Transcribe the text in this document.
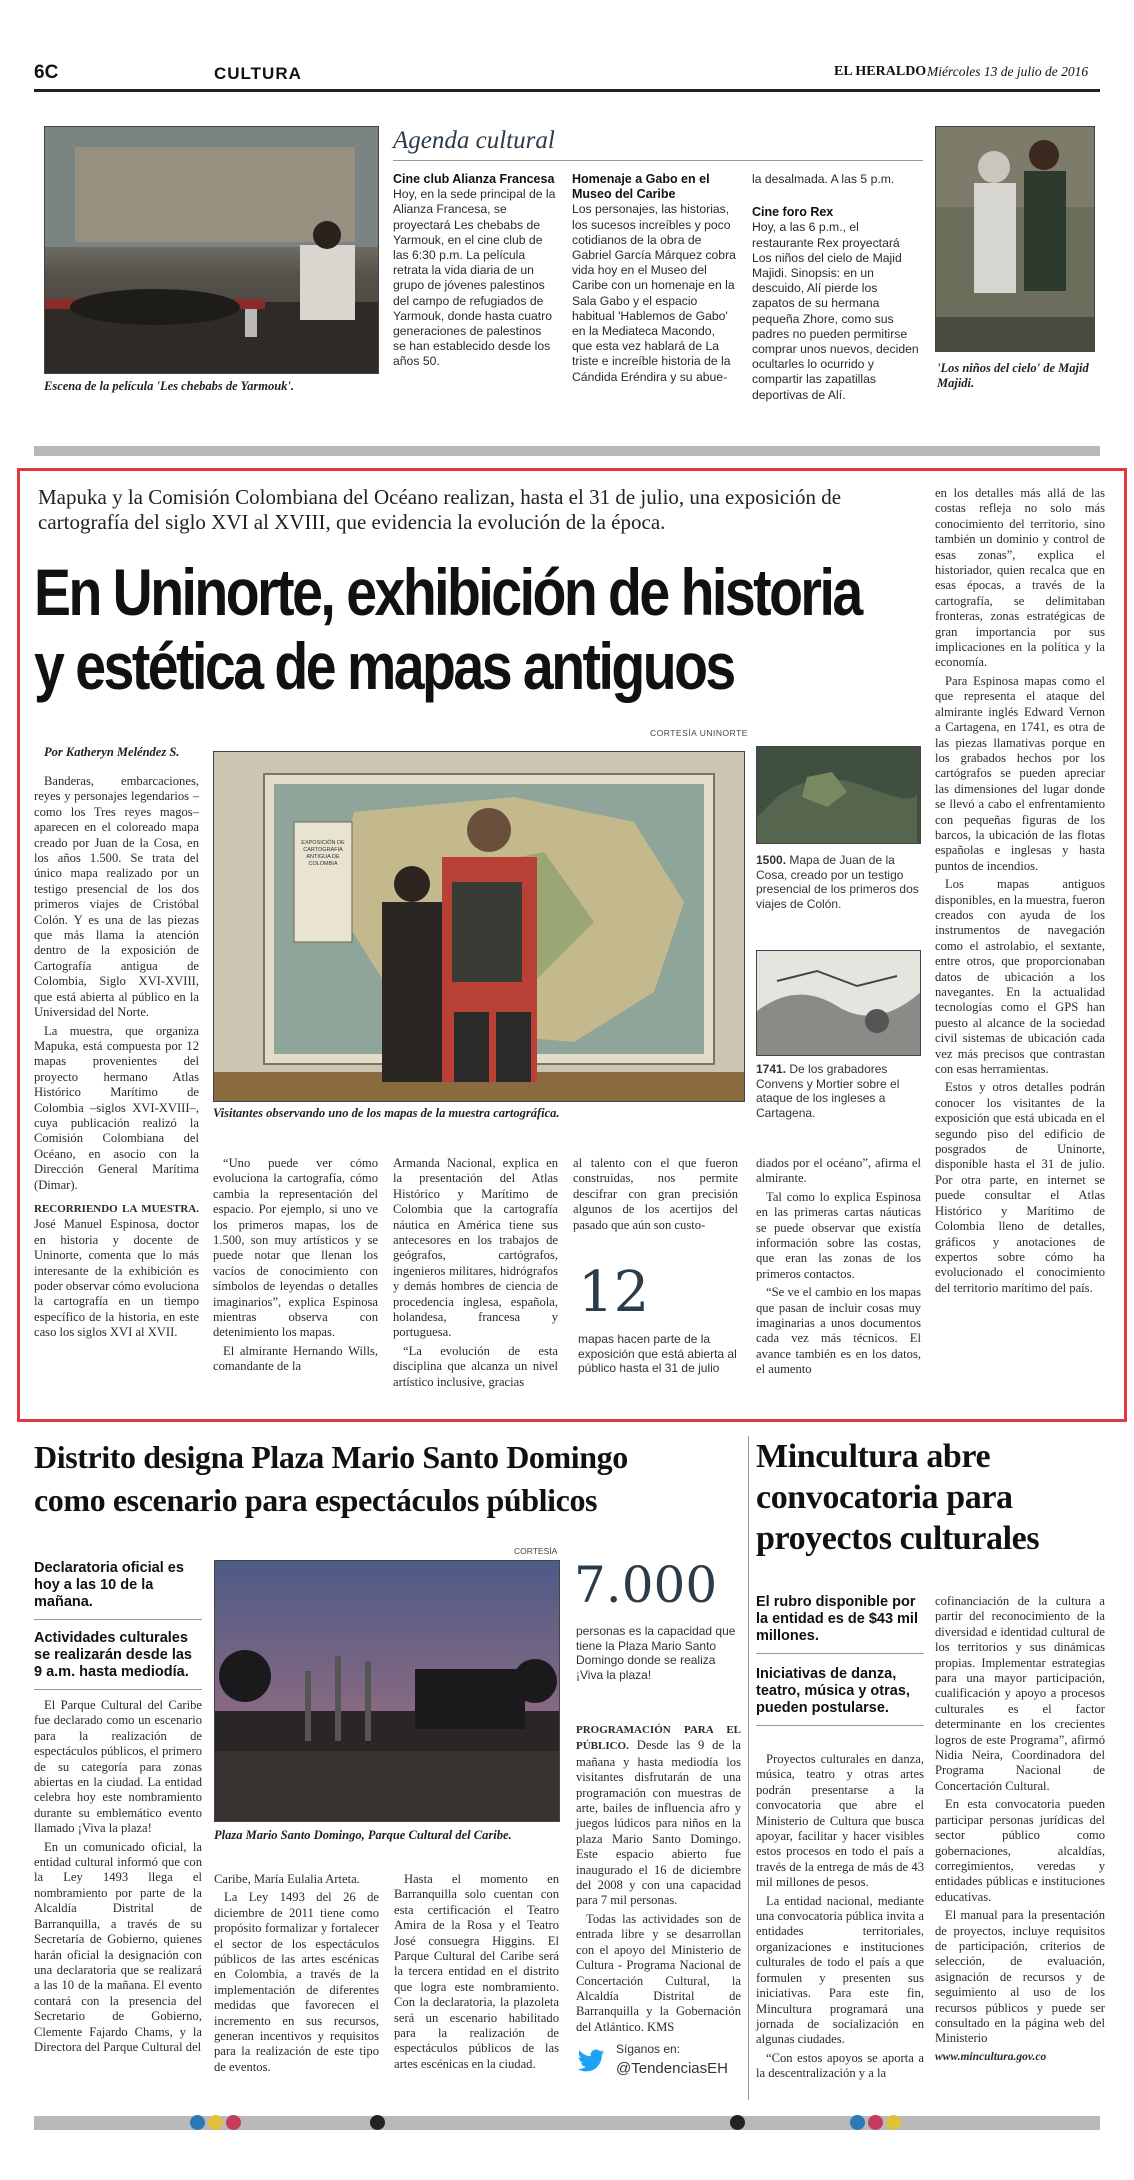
6C	CULTURA	EL HERALDO Miércoles 13 de julio de 2016
Escena de la película 'Les chebabs de Yarmouk'.
Agenda cultural
Cine club Alianza Francesa
Hoy, en la sede principal de la Alianza Francesa, se proyectará Les chebabs de Yarmouk, en el cine club de las 6:30 p.m. La película retrata la vida diaria de un grupo de jóvenes palestinos del campo de refugiados de Yarmouk, donde hasta cuatro generaciones de palestinos se han establecido desde los años 50.
Homenaje a Gabo en el Museo del Caribe
Los personajes, las historias, los sucesos increíbles y poco cotidianos de la obra de Gabriel García Márquez cobra vida hoy en el Museo del Caribe con un homenaje en la Sala Gabo y el espacio habitual 'Hablemos de Gabo' en la Mediateca Macondo, que esta vez hablará de La triste e increíble historia de la Cándida Eréndira y su abue-
la desalmada. A las 5 p.m.
Cine foro Rex
Hoy, a las 6 p.m., el restaurante Rex proyectará Los niños del cielo de Majid Majidi. Sinopsis: en un descuido, Alí pierde los zapatos de su hermana pequeña Zhore, como sus padres no pueden permitirse comprar unos nuevos, deciden ocultarles lo ocurrido y compartir las zapatillas deportivas de Alí.
'Los niños del cielo' de Majid Majidi.
Mapuka y la Comisión Colombiana del Océano realizan, hasta el 31 de julio, una exposición de cartografía del siglo XVI al XVIII, que evidencia la evolución de la época.
En Uninorte, exhibición de historia
y estética de mapas antiguos
CORTESÍA UNINORTE
Por Katheryn Meléndez S.

Banderas, embarcaciones, reyes y personajes legendarios –como los Tres reyes magos– aparecen en el coloreado mapa creado por Juan de la Cosa, en los años 1.500. Se trata del único mapa realizado por un testigo presencial de los dos primeros viajes de Cristóbal Colón. Y es una de las piezas que más llama la atención dentro de la exposición de Cartografía antigua de Colombia, Siglo XVI-XVIII, que está abierta al público en la Universidad del Norte.

La muestra, que organiza Mapuka, está compuesta por 12 mapas provenientes del proyecto hermano Atlas Histórico Marítimo de Colombia –siglos XVI-XVIII–, cuya publicación realizó la Comisión Colombiana del Océano, en asocio con la Dirección General Marítima (Dimar).

RECORRIENDO LA MUESTRA. José Manuel Espinosa, doctor en historia y docente de Uninorte, comenta que lo más interesante de la exhibición es poder observar cómo evoluciona la cartografía en un tiempo específico de la historia, en este caso los siglos XVI al XVII.

EXPOSICIÓN DE CARTOGRAFÍA ANTIGUA DE COLOMBIA
Visitantes observando uno de los mapas de la muestra cartográfica.

“Uno puede ver cómo evoluciona la cartografía, cómo cambia la representación del espacio. Por ejemplo, si uno ve los primeros mapas, los de 1.500, son muy artísticos y se puede notar que llenan los vacíos de conocimiento con símbolos de leyendas o detalles imaginarios”, explica Espinosa mientras observa con detenimiento los mapas.

El almirante Hernando Wills, comandante de la

Armanda Nacional, explica en la presentación del Atlas Histórico y Marítimo de Colombia que la cartografía náutica en América tiene sus antecesores en los trabajos de geógrafos, cartógrafos, ingenieros militares, hidrógrafos y demás hombres de ciencia de procedencia inglesa, española, holandesa, francesa y portuguesa.

“La evolución de esta disciplina que alcanza un nivel artístico inclusive, gracias

al talento con el que fueron construidas, nos permite descifrar con gran precisión algunos de los acertijos del pasado que aún son custo-

12
mapas hacen parte de la exposición que está abierta al público hasta el 31 de julio

diados por el océano”, afirma el almirante.

Tal como lo explica Espinosa en las primeras cartas náuticas se puede observar que existía información sobre las costas, que eran las zonas de los primeros contactos.

“Se ve el cambio en los mapas que pasan de incluir cosas muy imaginarias a unos documentos cada vez más técnicos. El avance también es en los datos, el aumento

1500. Mapa de Juan de la Cosa, creado por un testigo presencial de los primeros dos viajes de Colón.
1741. De los grabadores Convens y Mortier sobre el ataque de los ingleses a Cartagena.

en los detalles más allá de las costas refleja no solo más conocimiento del territorio, sino también un dominio y control de esas zonas”, explica el historiador, quien recalca que en esas épocas, a través de la cartografía, se delimitaban fronteras, zonas estratégicas de gran importancia por sus implicaciones en la política y la economía.

Para Espinosa mapas como el que representa el ataque del almirante inglés Edward Vernon a Cartagena, en 1741, es otra de las piezas llamativas porque en los grabados hechos por los cartógrafos se pueden apreciar las dimensiones del lugar donde se llevó a cabo el enfrentamiento con pequeñas figuras de los barcos, la ubicación de las flotas españolas e inglesas y hasta puntos de incendios.

Los mapas antiguos disponibles, en la muestra, fueron creados con ayuda de los instrumentos de navegación como el astrolabio, el sextante, entre otros, que proporcionaban datos de ubicación a los navegantes. En la actualidad tecnologías como el GPS han puesto al alcance de la sociedad civil sistemas de ubicación cada vez más precisos que contrastan con esas herramientas.

Estos y otros detalles podrán conocer los visitantes de la exposición que está ubicada en el segundo piso del edificio de posgrados de Uninorte, disponible hasta el 31 de julio. Por otra parte, en internet se puede consultar el Atlas Histórico y Marítimo de Colombia lleno de detalles, gráficos y anotaciones de expertos sobre cómo ha evolucionado el conocimiento del territorio marítimo del país.

Distrito designa Plaza Mario Santo Domingo
como escenario para espectáculos públicos
Declaratoria oficial es hoy a las 10 de la mañana.
Actividades culturales se realizarán desde las 9 a.m. hasta mediodía.
CORTESÍA
Plaza Mario Santo Domingo, Parque Cultural del Caribe.
7.000
personas es la capacidad que tiene la Plaza Mario Santo Domingo donde se realiza ¡Viva la plaza!

El Parque Cultural del Caribe fue declarado como un escenario para la realización de espectáculos públicos, el primero de su categoría para zonas abiertas en la ciudad. La entidad celebra hoy este nombramiento durante su emblemático evento llamado ¡Viva la plaza!

En un comunicado oficial, la entidad cultural informó que con la Ley 1493 llega el nombramiento por parte de la Alcaldía Distrital de Barranquilla, a través de su Secretaría de Gobierno, quienes harán oficial la designación con una declaratoria que se realizará a las 10 de la mañana. El evento contará con la presencia del Secretario de Gobierno, Clemente Fajardo Chams, y la Directora del Parque Cultural del

Caribe, María Eulalia Arteta.

La Ley 1493 del 26 de diciembre de 2011 tiene como propósito formalizar y fortalecer el sector de los espectáculos públicos de las artes escénicas en Colombia, a través de la implementación de diferentes medidas que favorecen el incremento en sus recursos, generan incentivos y requisitos para la realización de este tipo de eventos.

Hasta el momento en Barranquilla solo cuentan con esta certificación el Teatro Amira de la Rosa y el Teatro José consuegra Higgins. El Parque Cultural del Caribe será la tercera entidad en el distrito que logra este nombramiento. Con la declaratoria, la plazoleta será un escenario habilitado para la realización de espectáculos públicos de las artes escénicas en la ciudad.

PROGRAMACIÓN PARA EL PÚBLICO. Desde las 9 de la mañana y hasta mediodía los visitantes disfrutarán de una programación con muestras de arte, bailes de influencia afro y juegos lúdicos para niños en la plaza Mario Santo Domingo. Este espacio abierto fue inaugurado el 16 de diciembre del 2008 y con una capacidad para 7 mil personas.

Todas las actividades son de entrada libre y se desarrollan con el apoyo del Ministerio de Cultura - Programa Nacional de Concertación Cultural, la Alcaldía Distrital de Barranquilla y la Gobernación del Atlántico. KMS

Síganos en:
@TendenciasEH
Mincultura abre
convocatoria para
proyectos culturales
El rubro disponible por la entidad es de $43 mil millones.
Iniciativas de danza, teatro, música y otras, pueden postularse.

Proyectos culturales en danza, música, teatro y otras artes podrán presentarse a la convocatoria que abre el Ministerio de Cultura que busca apoyar, facilitar y hacer visibles estos procesos en todo el país a través de la entrega de más de 43 mil millones de pesos.

La entidad nacional, mediante una convocatoria pública invita a entidades territoriales, organizaciones e instituciones culturales de todo el país a que formulen y presenten sus iniciativas. Para este fin, Mincultura programará una jornada de socialización en algunas ciudades.

“Con estos apoyos se aporta a la descentralización y a la

cofinanciación de la cultura a partir del reconocimiento de la diversidad e identidad cultural de los territorios y sus dinámicas propias. Implementar estrategias para una mayor participación, cualificación y apoyo a procesos culturales es el factor determinante en los crecientes logros de este Programa”, afirmó Nidia Neira, Coordinadora del Programa Nacional de Concertación Cultural.

En esta convocatoria pueden participar personas jurídicas del sector público como gobernaciones, alcaldías, corregimientos, veredas y entidades públicas e instituciones educativas.

El manual para la presentación de proyectos, incluye requisitos de participación, criterios de selección, de evaluación, asignación de recursos y de seguimiento al uso de los recursos públicos y puede ser consultado en la página web del Ministerio

www.mincultura.gov.co
